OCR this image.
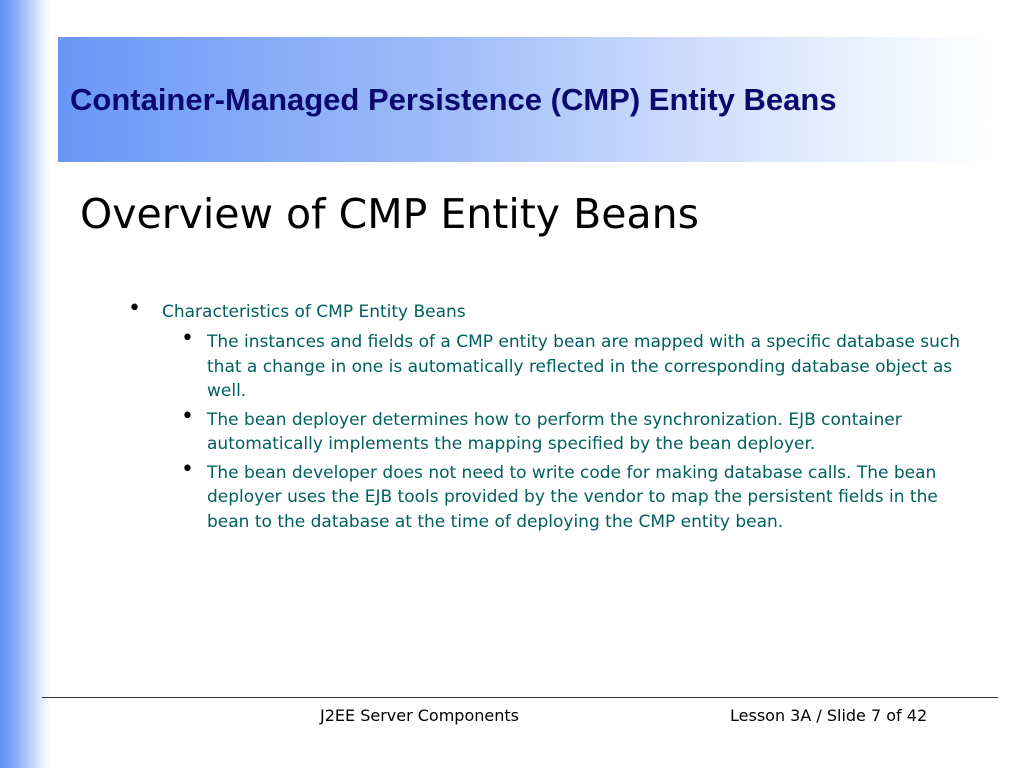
Container-Managed Persistence (CMP) Entity Beans
Overview of CMP Entity Beans
• Characteristics of CMP Entity Beans
• The instances and fields of a CMP entity bean are mapped with a specific database such that a change in one is automatically reflected in the corresponding database object as well.
• The bean deployer determines how to perform the synchronization. EJB container automatically implements the mapping specified by the bean deployer.
• The bean developer does not need to write code for making database calls. The bean deployer uses the EJB tools provided by the vendor to map the persistent fields in the bean to the database at the time of deploying the CMP entity bean.
J2EE Server Components	Lesson 3A / Slide 7 of 42
